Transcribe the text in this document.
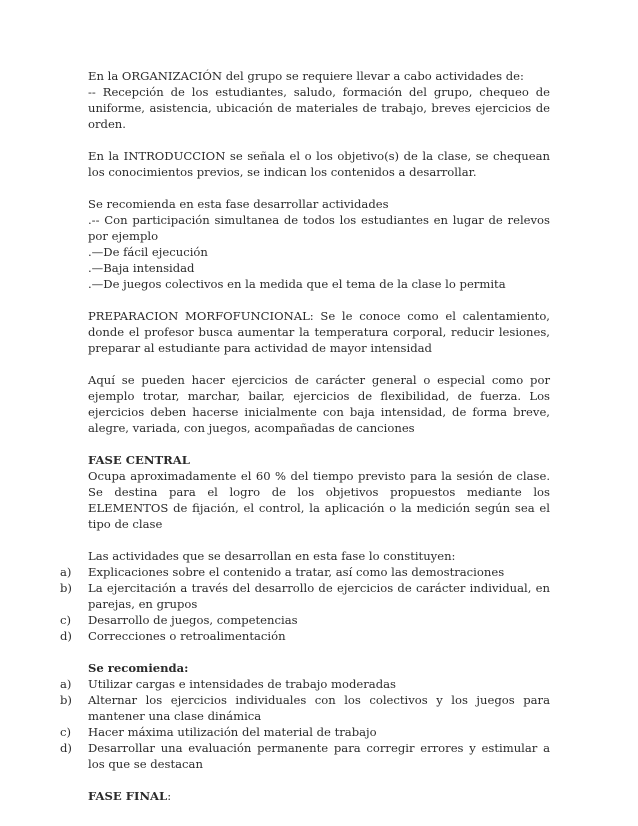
En la ORGANIZACIÓN del grupo se requiere llevar a cabo actividades de:
-- Recepción de los estudiantes, saludo, formación del grupo, chequeo de uniforme, asistencia, ubicación de materiales de trabajo, breves ejercicios de orden.

En la INTRODUCCION se señala el o los objetivo(s) de la clase, se chequean los conocimientos previos, se indican los contenidos a desarrollar.

Se recomienda en esta fase desarrollar actividades
.-- Con participación simultanea de todos los estudiantes en lugar de relevos por ejemplo
.—De fácil ejecución
.—Baja intensidad
.—De juegos colectivos en la medida que el tema de la clase lo permita

PREPARACION MORFOFUNCIONAL: Se le conoce como el calentamiento, donde el profesor busca aumentar la temperatura corporal, reducir lesiones, preparar al estudiante para actividad de mayor intensidad

Aquí se pueden hacer ejercicios de carácter general o especial como por ejemplo trotar, marchar, bailar, ejercicios de flexibilidad, de fuerza. Los ejercicios deben hacerse inicialmente con baja intensidad, de forma breve, alegre, variada, con juegos, acompañadas de canciones

FASE CENTRAL
Ocupa aproximadamente el 60 % del tiempo previsto para la sesión de clase. Se destina para el logro de los objetivos propuestos mediante los ELEMENTOS de fijación, el control, la aplicación o la medición según sea el tipo de clase

Las actividades que se desarrollan en esta fase lo constituyen:

a) Explicaciones sobre el contenido a tratar, así como las demostraciones
b) La ejercitación a través del desarrollo de ejercicios de carácter individual, en parejas, en grupos
c) Desarrollo de juegos, competencias
d) Correcciones o retroalimentación

Se recomienda:

a) Utilizar cargas e intensidades de trabajo moderadas
b) Alternar los ejercicios individuales con los colectivos y los juegos para mantener una clase dinámica
c) Hacer máxima utilización del material de trabajo
d) Desarrollar una evaluación permanente para corregir errores y estimular a los que se destacan

FASE FINAL:
